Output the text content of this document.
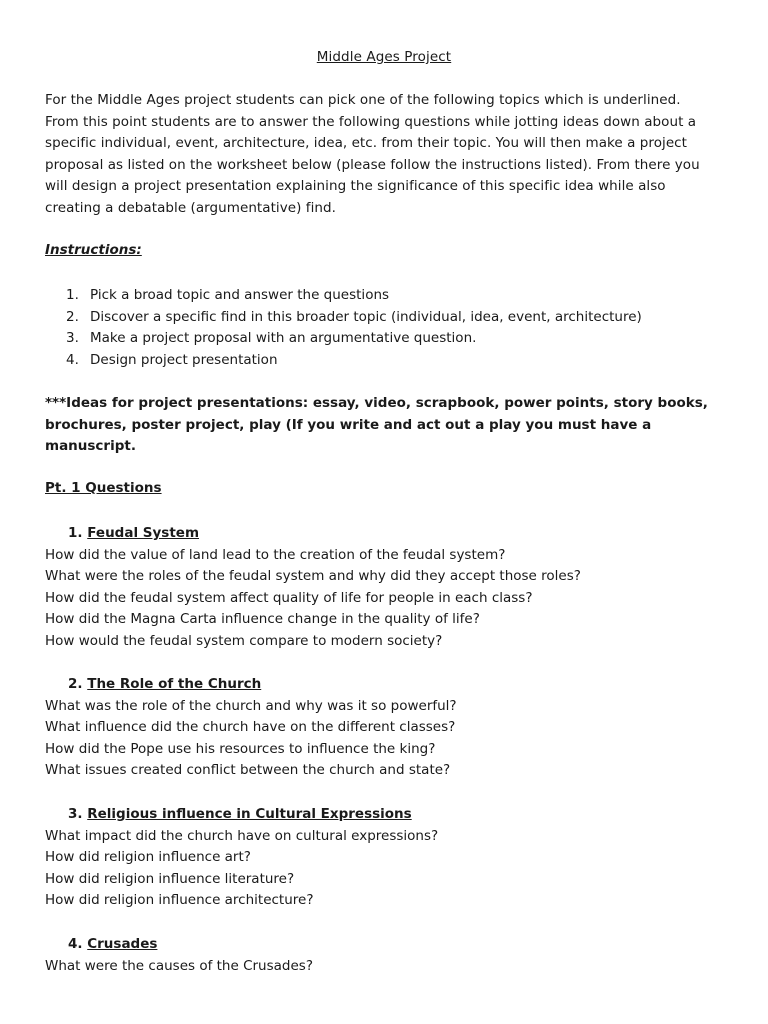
Middle Ages Project
For the Middle Ages project students can pick one of the following topics which is underlined.
From this point students are to answer the following questions while jotting ideas down about a
specific individual, event, architecture, idea, etc. from their topic. You will then make a project
proposal as listed on the worksheet below (please follow the instructions listed). From there you
will design a project presentation explaining the significance of this specific idea while also
creating a debatable (argumentative) find.
Instructions:
1. Pick a broad topic and answer the questions
2. Discover a specific find in this broader topic (individual, idea, event, architecture)
3. Make a project proposal with an argumentative question.
4. Design project presentation
***Ideas for project presentations: essay, video, scrapbook, power points, story books,
brochures, poster project, play (If you write and act out a play you must have a
manuscript.
Pt. 1 Questions
1. Feudal System
How did the value of land lead to the creation of the feudal system?
What were the roles of the feudal system and why did they accept those roles?
How did the feudal system affect quality of life for people in each class?
How did the Magna Carta influence change in the quality of life?
How would the feudal system compare to modern society?
2. The Role of the Church
What was the role of the church and why was it so powerful?
What influence did the church have on the different classes?
How did the Pope use his resources to influence the king?
What issues created conflict between the church and state?
3. Religious influence in Cultural Expressions
What impact did the church have on cultural expressions?
How did religion influence art?
How did religion influence literature?
How did religion influence architecture?
4. Crusades
What were the causes of the Crusades?
